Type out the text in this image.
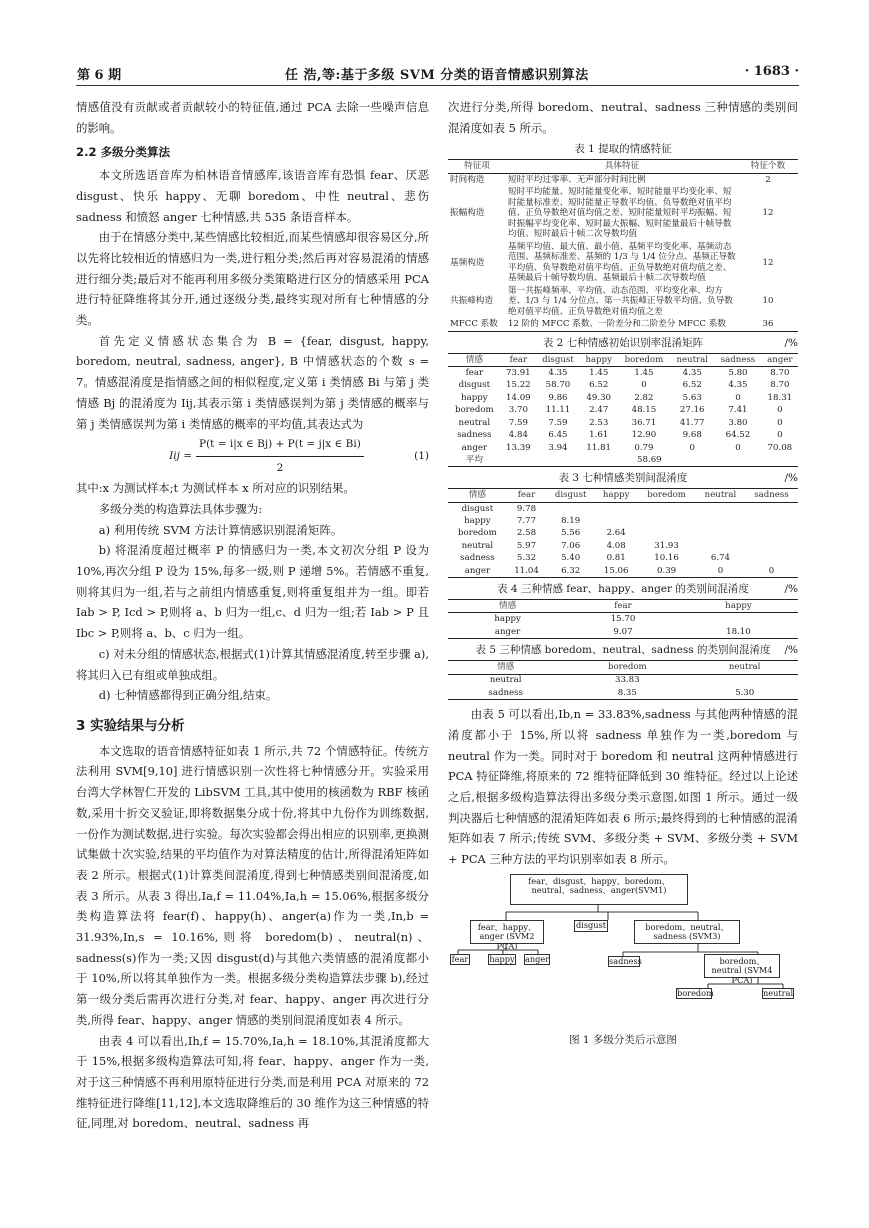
第 6 期	任 浩,等:基于多级 SVM 分类的语音情感识别算法	· 1683 ·
情感值没有贡献或者贡献较小的特征值,通过 PCA 去除一些噪声信息的影响。
2.2 多级分类算法
本文所选语音库为柏林语音情感库,该语音库有恐惧 fear、厌恶 disgust、快乐 happy、无聊 boredom、中性 neutral、悲伤 sadness 和愤怒 anger 七种情感,共 535 条语音样本。
由于在情感分类中,某些情感比较相近,而某些情感却很容易区分,所以先将比较相近的情感归为一类,进行粗分类;然后再对容易混淆的情感进行细分类;最后对不能再利用多级分类策略进行区分的情感采用 PCA 进行特征降维将其分开,通过逐级分类,最终实现对所有七种情感的分类。
首先定义情感状态集合为 B = {fear, disgust, happy, boredom, neutral, sadness, anger}, B 中情感状态的个数 s = 7。情感混淆度是指情感之间的相似程度,定义第 i 类情感 Bi 与第 j 类情感 Bj 的混淆度为 Iij,其表示第 i 类情感误判为第 j 类情感的概率与第 j 类情感误判为第 i 类情感的概率的平均值,其表达式为
Iij = $\frac{P(t = i|x \in Bj) + P(t = j|x \in Bi)}{2}$	(1)
其中:x 为测试样本;t 为测试样本 x 所对应的识别结果。
多级分类的构造算法具体步骤为:
a) 利用传统 SVM 方法计算情感识别混淆矩阵。
b) 将混淆度超过概率 P 的情感归为一类,本文初次分组 P 设为 10%,再次分组 P 设为 15%,每多一级,则 P 递增 5%。若情感不重复,则将其归为一组,若与之前组内情感重复,则将重复组并为一组。即若 Iab > P, Icd > P,则将 a、b 归为一组,c、d 归为一组;若 Iab > P 且 Ibc > P,则将 a、b、c 归为一组。
c) 对未分组的情感状态,根据式(1)计算其情感混淆度,转至步骤 a),将其归入已有组或单独成组。
d) 七种情感都得到正确分组,结束。
3 实验结果与分析
本文选取的语音情感特征如表 1 所示,共 72 个情感特征。传统方法利用 SVM[9,10] 进行情感识别一次性将七种情感分开。实验采用台湾大学林智仁开发的 LibSVM 工具,其中使用的核函数为 RBF 核函数,采用十折交叉验证,即将数据集分成十份,将其中九份作为训练数据,一份作为测试数据,进行实验。每次实验都会得出相应的识别率,更换测试集做十次实验,结果的平均值作为对算法精度的估计,所得混淆矩阵如表 2 所示。根据式(1)计算类间混淆度,得到七种情感类别间混淆度,如表 3 所示。从表 3 得出,Ia,f = 11.04%,Ia,h = 15.06%,根据多级分类构造算法将 fear(f)、happy(h)、anger(a)作为一类,In,b = 31.93%,In,s = 10.16%,则将 boredom(b)、neutral(n)、sadness(s)作为一类;又因 disgust(d)与其他六类情感的混淆度都小于 10%,所以将其单独作为一类。根据多级分类构造算法步骤 b),经过第一级分类后需再次进行分类,对 fear、happy、anger 再次进行分类,所得 fear、happy、anger 情感的类别间混淆度如表 4 所示。
由表 4 可以看出,Ih,f = 15.70%,Ia,h = 18.10%,其混淆度都大于 15%,根据多级构造算法可知,将 fear、happy、anger 作为一类,对于这三种情感不再利用原特征进行分类,而是利用 PCA 对原来的 72 维特征进行降维[11,12],本文选取降维后的 30 维作为这三种情感的特征,同理,对 boredom、neutral、sadness 再
次进行分类,所得 boredom、neutral、sadness 三种情感的类别间混淆度如表 5 所示。
表 1 提取的情感特征
特征项	具体特征	特征个数
时间构造	短时平均过零率、无声部分时间比例	2
振幅构造	短时平均能量、短时能量变化率、短时能量平均变化率、短时能量标准差、短时能量正导数平均值、负导数绝对值平均值、正负导数绝对值均值之差、短时能量短时平均振幅、短时振幅平均变化率、短时最大振幅、短时能量最后十帧导数均值、短时最后十帧二次导数均值	12
基频构造	基频平均值、最大值、最小值、基频平均变化率、基频动态范围、基频标准差、基频的 1/3 与 1/4 位分点、基频正导数平均值、负导数绝对值平均值、正负导数绝对值均值之差、基频最后十帧导数均值、基频最后十帧二次导数均值	12
共振峰构造	第一共振峰频率、平均值、动态范围、平均变化率、均方差、1/3 与 1/4 分位点、第一共振峰正导数平均值、负导数绝对值平均值、正负导数绝对值均值之差	10
MFCC 系数	12 阶的 MFCC 系数、一阶差分和二阶差分 MFCC 系数	36
表 2 七种情感初始识别率混淆矩阵	/%
情感	fear	disgust	happy	boredom	neutral	sadness	anger
fear	73.91	4.35	1.45	1.45	4.35	5.80	8.70
disgust	15.22	58.70	6.52	0	6.52	4.35	8.70
happy	14.09	9.86	49.30	2.82	5.63	0	18.31
boredom	3.70	11.11	2.47	48.15	27.16	7.41	0
neutral	7.59	7.59	2.53	36.71	41.77	3.80	0
sadness	4.84	6.45	1.61	12.90	9.68	64.52	0
anger	13.39	3.94	11.81	0.79	0	0	70.08
平均	58.69						
表 3 七种情感类别间混淆度	/%
情感	fear	disgust	happy	boredom	neutral	sadness
disgust	9.78					
happy	7.77	8.19				
boredom	2.58	5.56	2.64			
neutral	5.97	7.06	4.08	31.93		
sadness	5.32	5.40	0.81	10.16	6.74	
anger	11.04	6.32	15.06	0.39	0	0
表 4 三种情感 fear、happy、anger 的类别间混淆度	/%
情感	fear	happy
happy	15.70	
anger	9.07	18.10
表 5 三种情感 boredom、neutral、sadness 的类别间混淆度 /%
情感	boredom	neutral
neutral	33.83	
sadness	8.35	5.30
由表 5 可以看出,Ib,n = 33.83%,sadness 与其他两种情感的混淆度都小于 15%,所以将 sadness 单独作为一类,boredom 与 neutral 作为一类。同时对于 boredom 和 neutral 这两种情感进行 PCA 特征降维,将原来的 72 维特征降低到 30 维特征。经过以上论述之后,根据多级构造算法得出多级分类示意图,如图 1 所示。通过一级判决器后七种情感的混淆矩阵如表 6 所示;最终得到的七种情感的混淆矩阵如表 7 所示;传统 SVM、多级分类 + SVM、多级分类 + SVM + PCA 三种方法的平均识别率如表 8 所示。
fear、disgust、happy、boredom、neutral、sadness、anger(SVM1)
fear、happy、anger (SVM2 PCA)
disgust	boredom、neutral、sadness (SVM3)
fear	happy anger	sadness	boredom、neutral (SVM4 PCA)
boredom	neutral
图 1 多级分类后示意图
